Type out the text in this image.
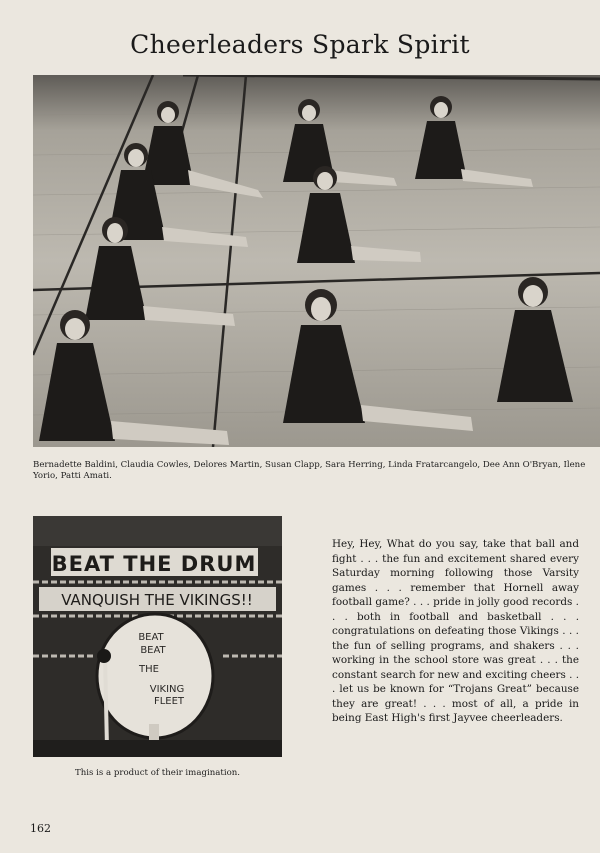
Cheerleaders Spark Spirit
Bernadette Baldini, Claudia Cowles, Delores Martin, Susan Clapp, Sara Herring, Linda Fratarcangelo, Dee Ann O'Bryan, Ilene Yorio, Patti Amati.
BEAT THE DRUM
VANQUISH THE VIKINGS!!
BEAT
BEAT
THE
VIKING
FLEET
This is a product of their imagination.
Hey, Hey, What do you say, take that ball and fight . . . the fun and excitement shared every Saturday morning following those Varsity games . . . remember that Hornell away football game? . . . pride in jolly good records . . . both in football and basketball . . . congratulations on defeating those Vikings . . . the fun of selling programs, and shakers . . . working in the school store was great . . . the constant search for new and exciting cheers . . . let us be known for “Trojans Great” because they are great! . . . most of all, a pride in being East High's first Jayvee cheerleaders.
162
